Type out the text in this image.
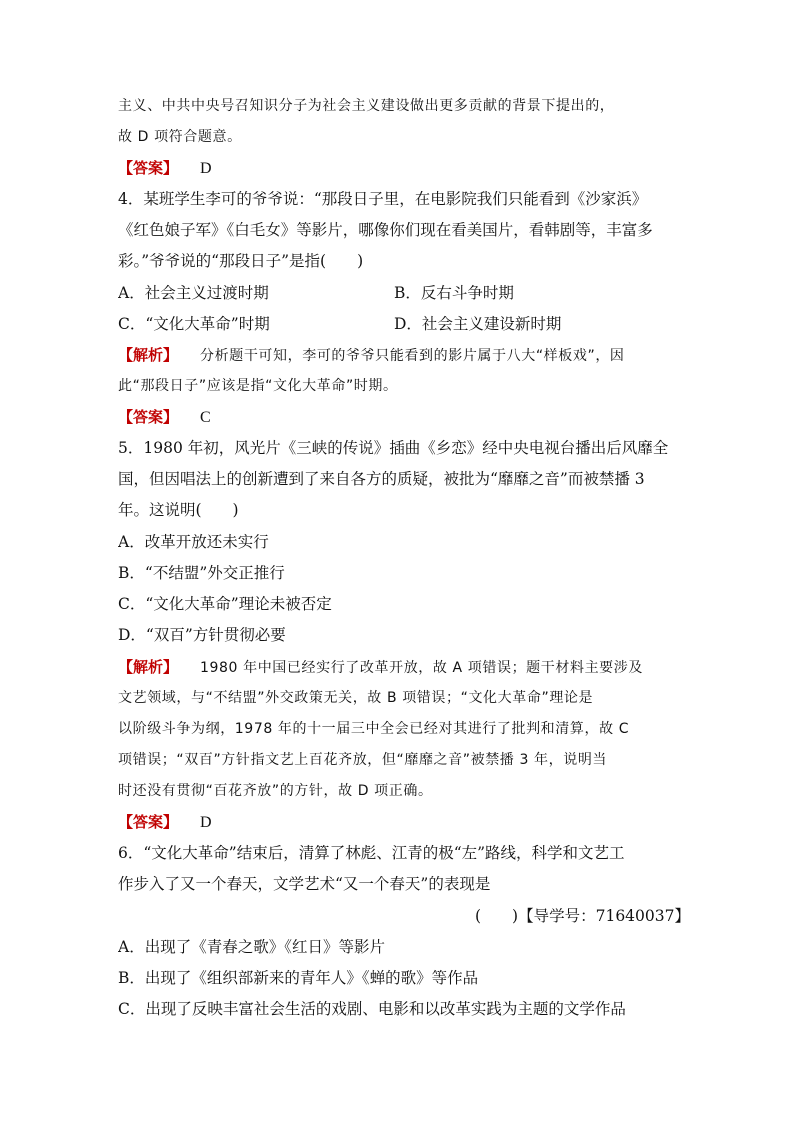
主义、中共中央号召知识分子为社会主义建设做出更多贡献的背景下提出的，
故 D 项符合题意。
【答案】 D
4．某班学生李可的爷爷说：“那段日子里，在电影院我们只能看到《沙家浜》
《红色娘子军》《白毛女》等影片，哪像你们现在看美国片，看韩剧等，丰富多
彩。”爷爷说的“那段日子”是指(　　)
A．社会主义过渡时期	B．反右斗争时期
C．“文化大革命”时期	D．社会主义建设新时期
【解析】 分析题干可知，李可的爷爷只能看到的影片属于八大“样板戏”，因
此“那段日子”应该是指“文化大革命”时期。
【答案】 C
5．1980 年初，风光片《三峡的传说》插曲《乡恋》经中央电视台播出后风靡全
国，但因唱法上的创新遭到了来自各方的质疑，被批为“靡靡之音”而被禁播 3
年。这说明(　　)
A．改革开放还未实行
B．“不结盟”外交正推行
C．“文化大革命”理论未被否定
D．“双百”方针贯彻必要
【解析】 1980 年中国已经实行了改革开放，故 A 项错误；题干材料主要涉及
文艺领域，与“不结盟”外交政策无关，故 B 项错误；“文化大革命”理论是
以阶级斗争为纲，1978 年的十一届三中全会已经对其进行了批判和清算，故 C
项错误；“双百”方针指文艺上百花齐放，但“靡靡之音”被禁播 3 年，说明当
时还没有贯彻“百花齐放”的方针，故 D 项正确。
【答案】 D
6．“文化大革命”结束后，清算了林彪、江青的极“左”路线，科学和文艺工
作步入了又一个春天，文学艺术“又一个春天”的表现是
(　　)【导学号：71640037】
A．出现了《青春之歌》《红日》等影片
B．出现了《组织部新来的青年人》《蝉的歌》等作品
C．出现了反映丰富社会生活的戏剧、电影和以改革实践为主题的文学作品
